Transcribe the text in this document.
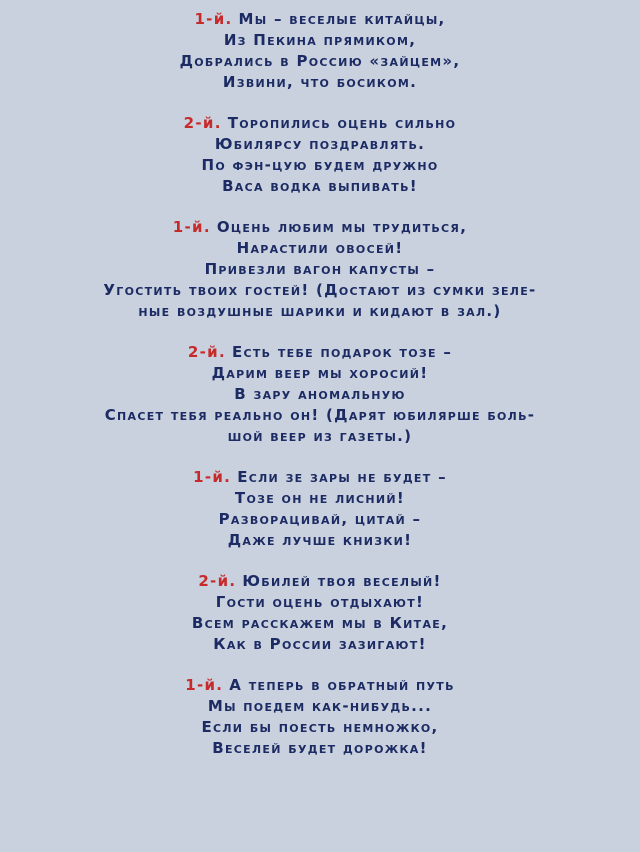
1-й. Мы – веселые китайцы,
Из Пекина прямиком,
Добрались в Россию «зайцем»,
Извини, что босиком.
2-й. Торопились оцень сильно
Юбилярсу поздравлять.
По фэн-цую будем дружно
Васа водка выпивать!
1-й. Оцень любим мы трудиться,
Нарастили овосей!
Привезли вагон капусты –
Угостить твоих гостей! (Достают из сумки зеле-
ные воздушные шарики и кидают в зал.)
2-й. Есть тебе подарок тозе –
Дарим веер мы хоросий!
В зару аномальную
Спасет тебя реально он! (Дарят юбилярше боль-
шой веер из газеты.)
1-й. Если зе зары не будет –
Тозе он не лисний!
Разворацивай, цитай –
Даже лучше книзки!
2-й. Юбилей твоя веселый!
Гости оцень отдыхают!
Всем расскажем мы в Китае,
Как в России зазигают!
1-й. А теперь в обратный путь
Мы поедем как-нибудь...
Если бы поесть немножко,
Веселей будет дорожка!
